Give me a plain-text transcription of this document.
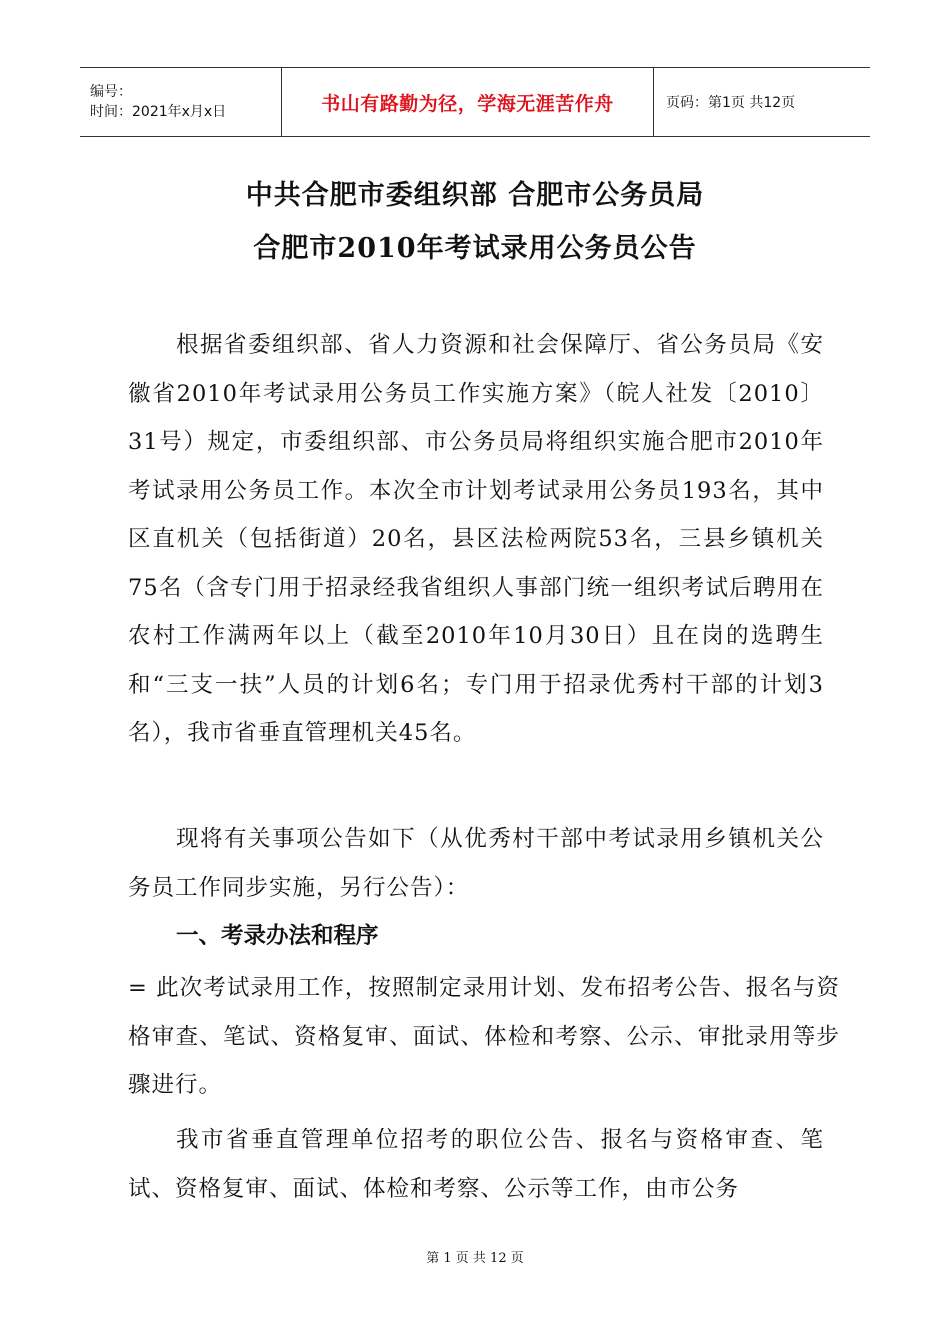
编号：
时间：2021年x月x日	书山有路勤为径，学海无涯苦作舟	页码：第1页 共12页
中共合肥市委组织部 合肥市公务员局
合肥市2010年考试录用公务员公告

根据省委组织部、省人力资源和社会保障厅、省公务员局《安徽省2010年考试录用公务员工作实施方案》（皖人社发〔2010〕31号）规定，市委组织部、市公务员局将组织实施合肥市2010年考试录用公务员工作。本次全市计划考试录用公务员193名，其中区直机关（包括街道）20名，县区法检两院53名，三县乡镇机关75名（含专门用于招录经我省组织人事部门统一组织考试后聘用在农村工作满两年以上（截至2010年10月30日）且在岗的选聘生和“三支一扶”人员的计划6名；专门用于招录优秀村干部的计划3名），我市省垂直管理机关45名。

现将有关事项公告如下（从优秀村干部中考试录用乡镇机关公务员工作同步实施，另行公告）：

一、考录办法和程序

= 此次考试录用工作，按照制定录用计划、发布招考公告、报名与资格审查、笔试、资格复审、面试、体检和考察、公示、审批录用等步骤进行。

我市省垂直管理单位招考的职位公告、报名与资格审查、笔试、资格复审、面试、体检和考察、公示等工作，由市公务

第 1 页 共 12 页
